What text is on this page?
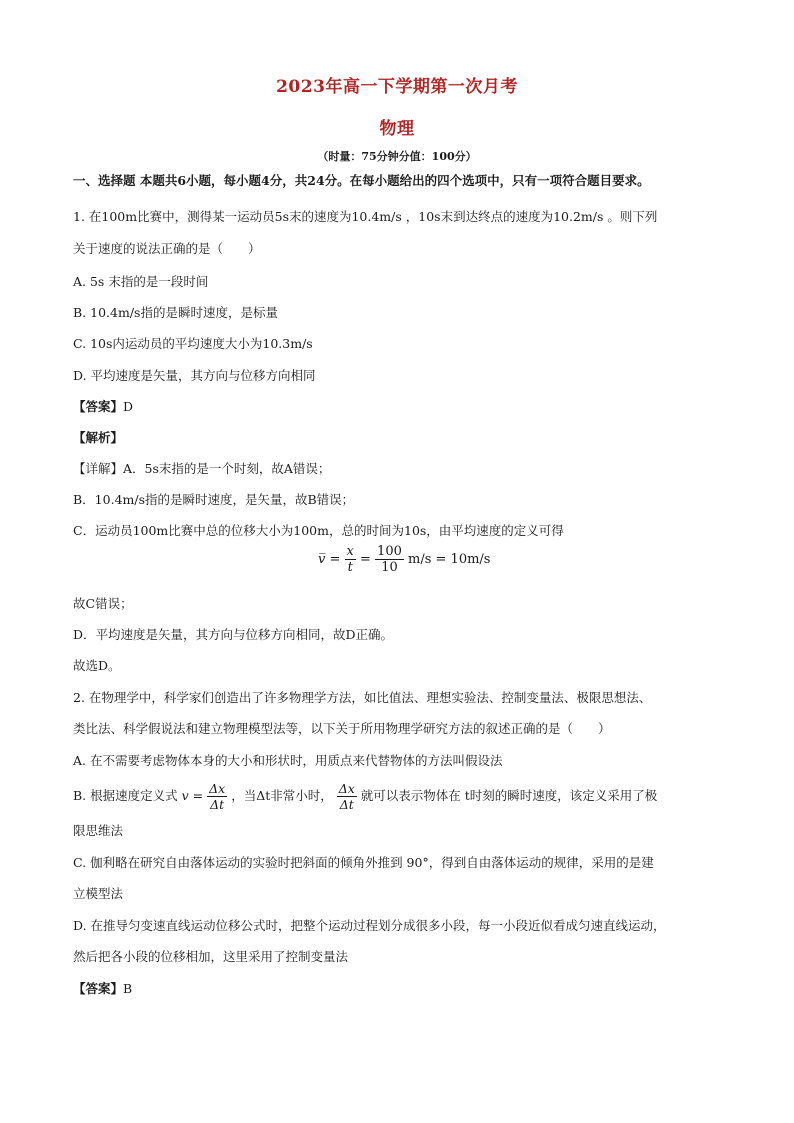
2023年高一下学期第一次月考
物理
（时量：75分钟分值：100分）
一、选择题 本题共6小题，每小题4分，共24分。在每小题给出的四个选项中，只有一项符合题目要求。
1. 在100m比赛中，测得某一运动员5s末的速度为10.4m/s ，10s末到达终点的速度为10.2m/s 。则下列
关于速度的说法正确的是（　　）
A. 5s 末指的是一段时间
B. 10.4m/s指的是瞬时速度，是标量
C. 10s内运动员的平均速度大小为10.3m/s
D. 平均速度是矢量，其方向与位移方向相同
【答案】D
【解析】
【详解】A．5s末指的是一个时刻，故A错误；
B．10.4m/s指的是瞬时速度，是矢量，故B错误；
C．运动员100m比赛中总的位移大小为100m，总的时间为10s，由平均速度的定义可得
v̅ = $\frac{x}{t} = \frac{100}{10} m/s = 10m/s$
故C错误；
D．平均速度是矢量，其方向与位移方向相同，故D正确。
故选D。
2. 在物理学中，科学家们创造出了许多物理学方法，如比值法、理想实验法、控制变量法、极限思想法、
类比法、科学假说法和建立物理模型法等，以下关于所用物理学研究方法的叙述正确的是（　　）
A. 在不需要考虑物体本身的大小和形状时，用质点来代替物体的方法叫假设法
B. 根据速度定义式 $v = \frac{\Delta x}{\Delta t}$ ，当Δt非常小时， $\frac{\Delta x}{\Delta t}$ 就可以表示物体在 t时刻的瞬时速度，该定义采用了极
限思维法
C. 伽利略在研究自由落体运动的实验时把斜面的倾角外推到 90°，得到自由落体运动的规律，采用的是建
立模型法
D. 在推导匀变速直线运动位移公式时，把整个运动过程划分成很多小段，每一小段近似看成匀速直线运动，
然后把各小段的位移相加，这里采用了控制变量法
【答案】B
